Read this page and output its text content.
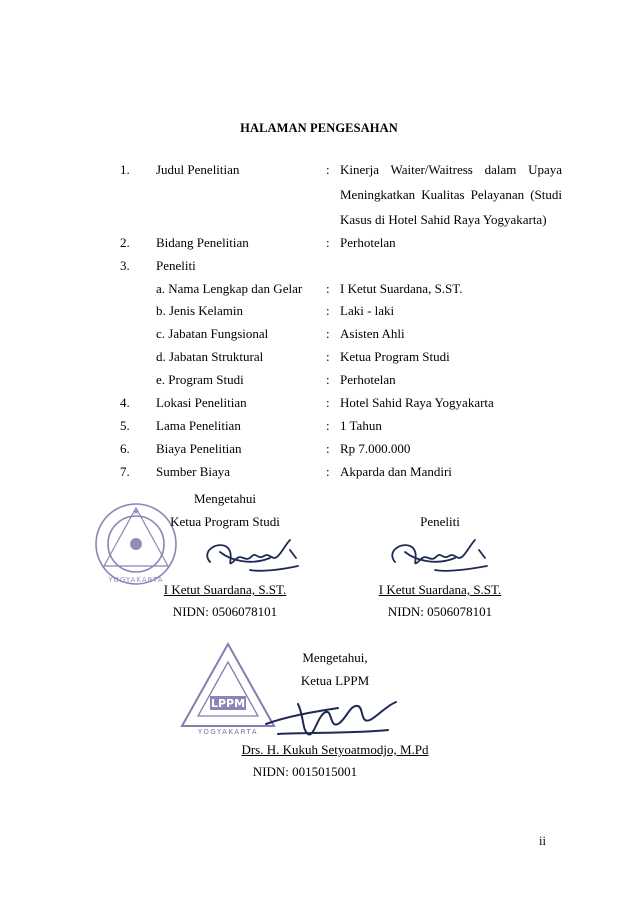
HALAMAN PENGESAHAN
1. Judul Penelitian	: Kinerja Waiter/Waitress dalam Upaya
Meningkatkan Kualitas Pelayanan (Studi
Kasus di Hotel Sahid Raya Yogyakarta)
2. Bidang Penelitian	: Perhotelan
3. Peneliti
a. Nama Lengkap dan Gelar : I Ketut Suardana, S.ST.
b. Jenis Kelamin	: Laki - laki
c. Jabatan Fungsional	: Asisten Ahli
d. Jabatan Struktural	: Ketua Program Studi
e. Program Studi	: Perhotelan
4. Lokasi Penelitian	: Hotel Sahid Raya Yogyakarta
5. Lama Penelitian	: 1 Tahun
6. Biaya Penelitian	: Rp 7.000.000
7. Sumber Biaya	: Akparda dan Mandiri
★
YOGYAKARTA
Mengetahui
Ketua Program Studi
I Ketut Suardana, S.ST.
NIDN: 0506078101
Peneliti
I Ketut Suardana, S.ST.
NIDN: 0506078101
LPPM
YOGYAKARTA
Mengetahui,
Ketua LPPM
Drs. H. Kukuh Setyoatmodjo, M.Pd
NIDN: 0015015001
ii
